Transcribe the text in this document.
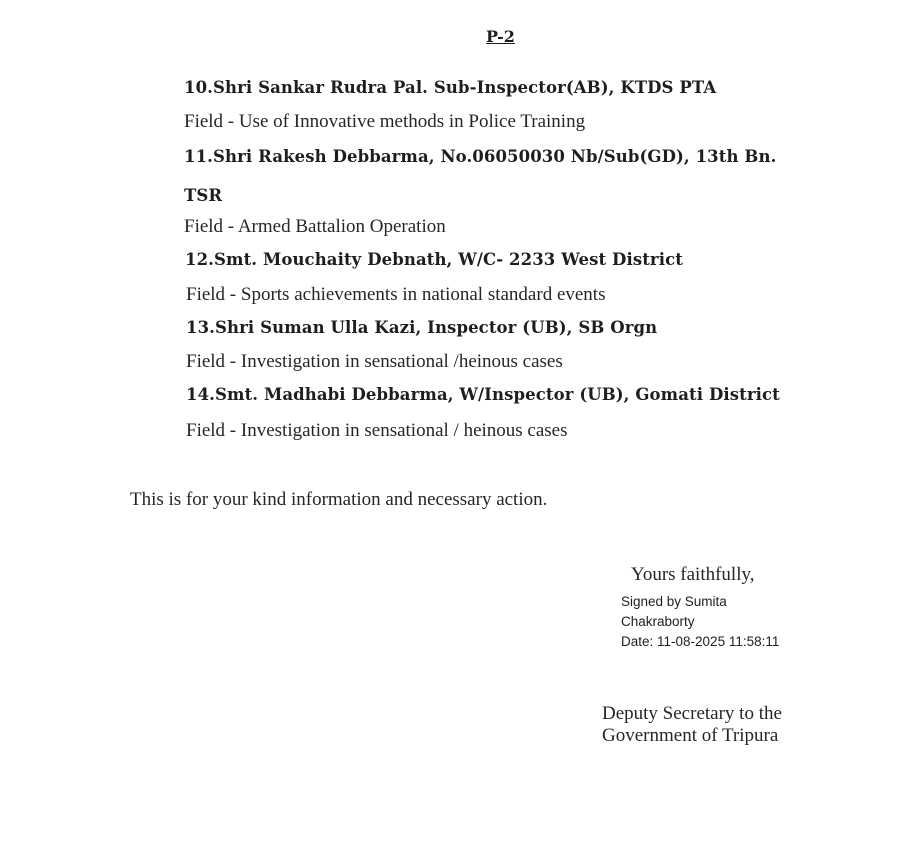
P-2
10.Shri Sankar Rudra Pal. Sub-Inspector(AB), KTDS PTA
Field - Use of Innovative methods in Police Training
11.Shri Rakesh Debbarma, No.06050030 Nb/Sub(GD), 13th Bn.
TSR
Field - Armed Battalion Operation
12.Smt. Mouchaity Debnath, W/C- 2233 West District
Field - Sports achievements in national standard events
13.Shri Suman Ulla Kazi, Inspector (UB), SB Orgn
Field - Investigation in sensational /heinous cases
14.Smt. Madhabi Debbarma, W/Inspector (UB), Gomati District
Field - Investigation in sensational / heinous cases
This is for your kind information and necessary action.
Yours faithfully,
Signed by Sumita
Chakraborty
Date: 11-08-2025 11:58:11
Deputy Secretary to the
Government of Tripura
